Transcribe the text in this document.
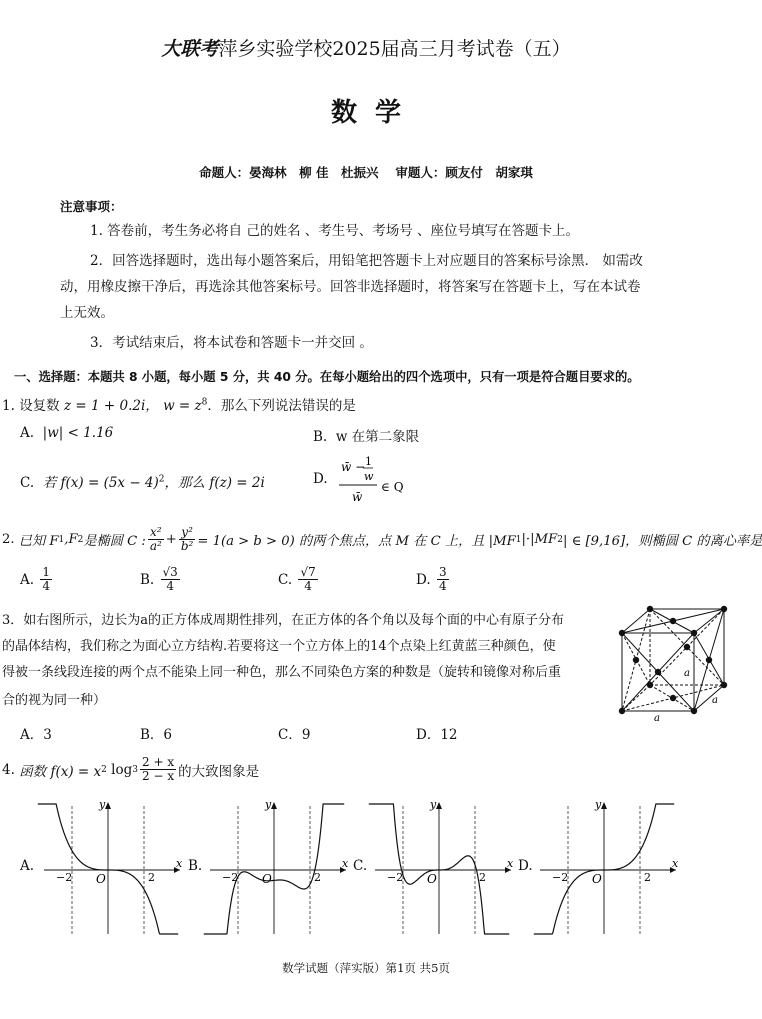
大联考萍乡实验学校2025届高三月考试卷（五）
数  学
命题人：晏海林　柳 佳　杜振兴　 审题人：顾友付　胡家琪
注意事项：
1. 答卷前，考生务必将自 己的姓名 、考生号、考场号 、座位号填写在答题卡上。
2．回答选择题时，选出每小题答案后，用铅笔把答题卡上对应题目的答案标号涂黑． 如需改
动，用橡皮擦干净后，再选涂其他答案标号。回答非选择题时，将答案写在答题卡上，写在本试卷
上无效。
3．考试结束后，将本试卷和答题卡一并交回 。
一、选择题：本题共 8 小题，每小题 5 分，共 40 分。在每小题给出的四个选项中，只有一项是符合题目要求的。
1. 设复数 z = 1 + 0.2i， $w = z^8$．那么下列说法错误的是
A. |w| < 1.16	B. w 在第二象限
C. 若 $f(x) = (5x - 4)^2$，那么 f(z) = 2i	D.
w̄ − 1
w
w̄
∈ Q
2.
已知 F 1 ,F 2 是椭圆 C : $\frac{\text{x²}}{\text{a²}} + \frac{\text{y²}}{\text{b²}} = 1(a > b > 0)$ 的两个焦点，点 M 在 C 上，且 |MF 1 |·|MF 2 | ∈ [9,16]，则椭圆 C 的离心率是
A.
$\frac{1}{4}$	B.
$\frac{√3}{4}$	C.
$\frac{√7}{4}$	D.
$\frac{3}{4}$
3．如右图所示，边长为a的正方体成周期性排列，在正方体的各个角以及每个面的中心有原子分布
的晶体结构，我们称之为面心立方结构.若要将这一个立方体上的14个点染上红黄蓝三种颜色，使
得被一条线段连接的两个点不能染上同一种色，那么不同染色方案的种数是（旋转和镜像对称后重
合的视为同一种）
A．3	B．6	C．9	D．12
a
a
a
4.
函数 f(x) = x 2
$\log 3 \frac{2 + x}{2 - x}$ 的大致图象是
A.
y
x
O
−2	2
B.
y
x
O
−2	2
C.
y
x
O
−2	2
D.
y
x
O
−2	2
数学试题（萍实版）第1页 共5页
